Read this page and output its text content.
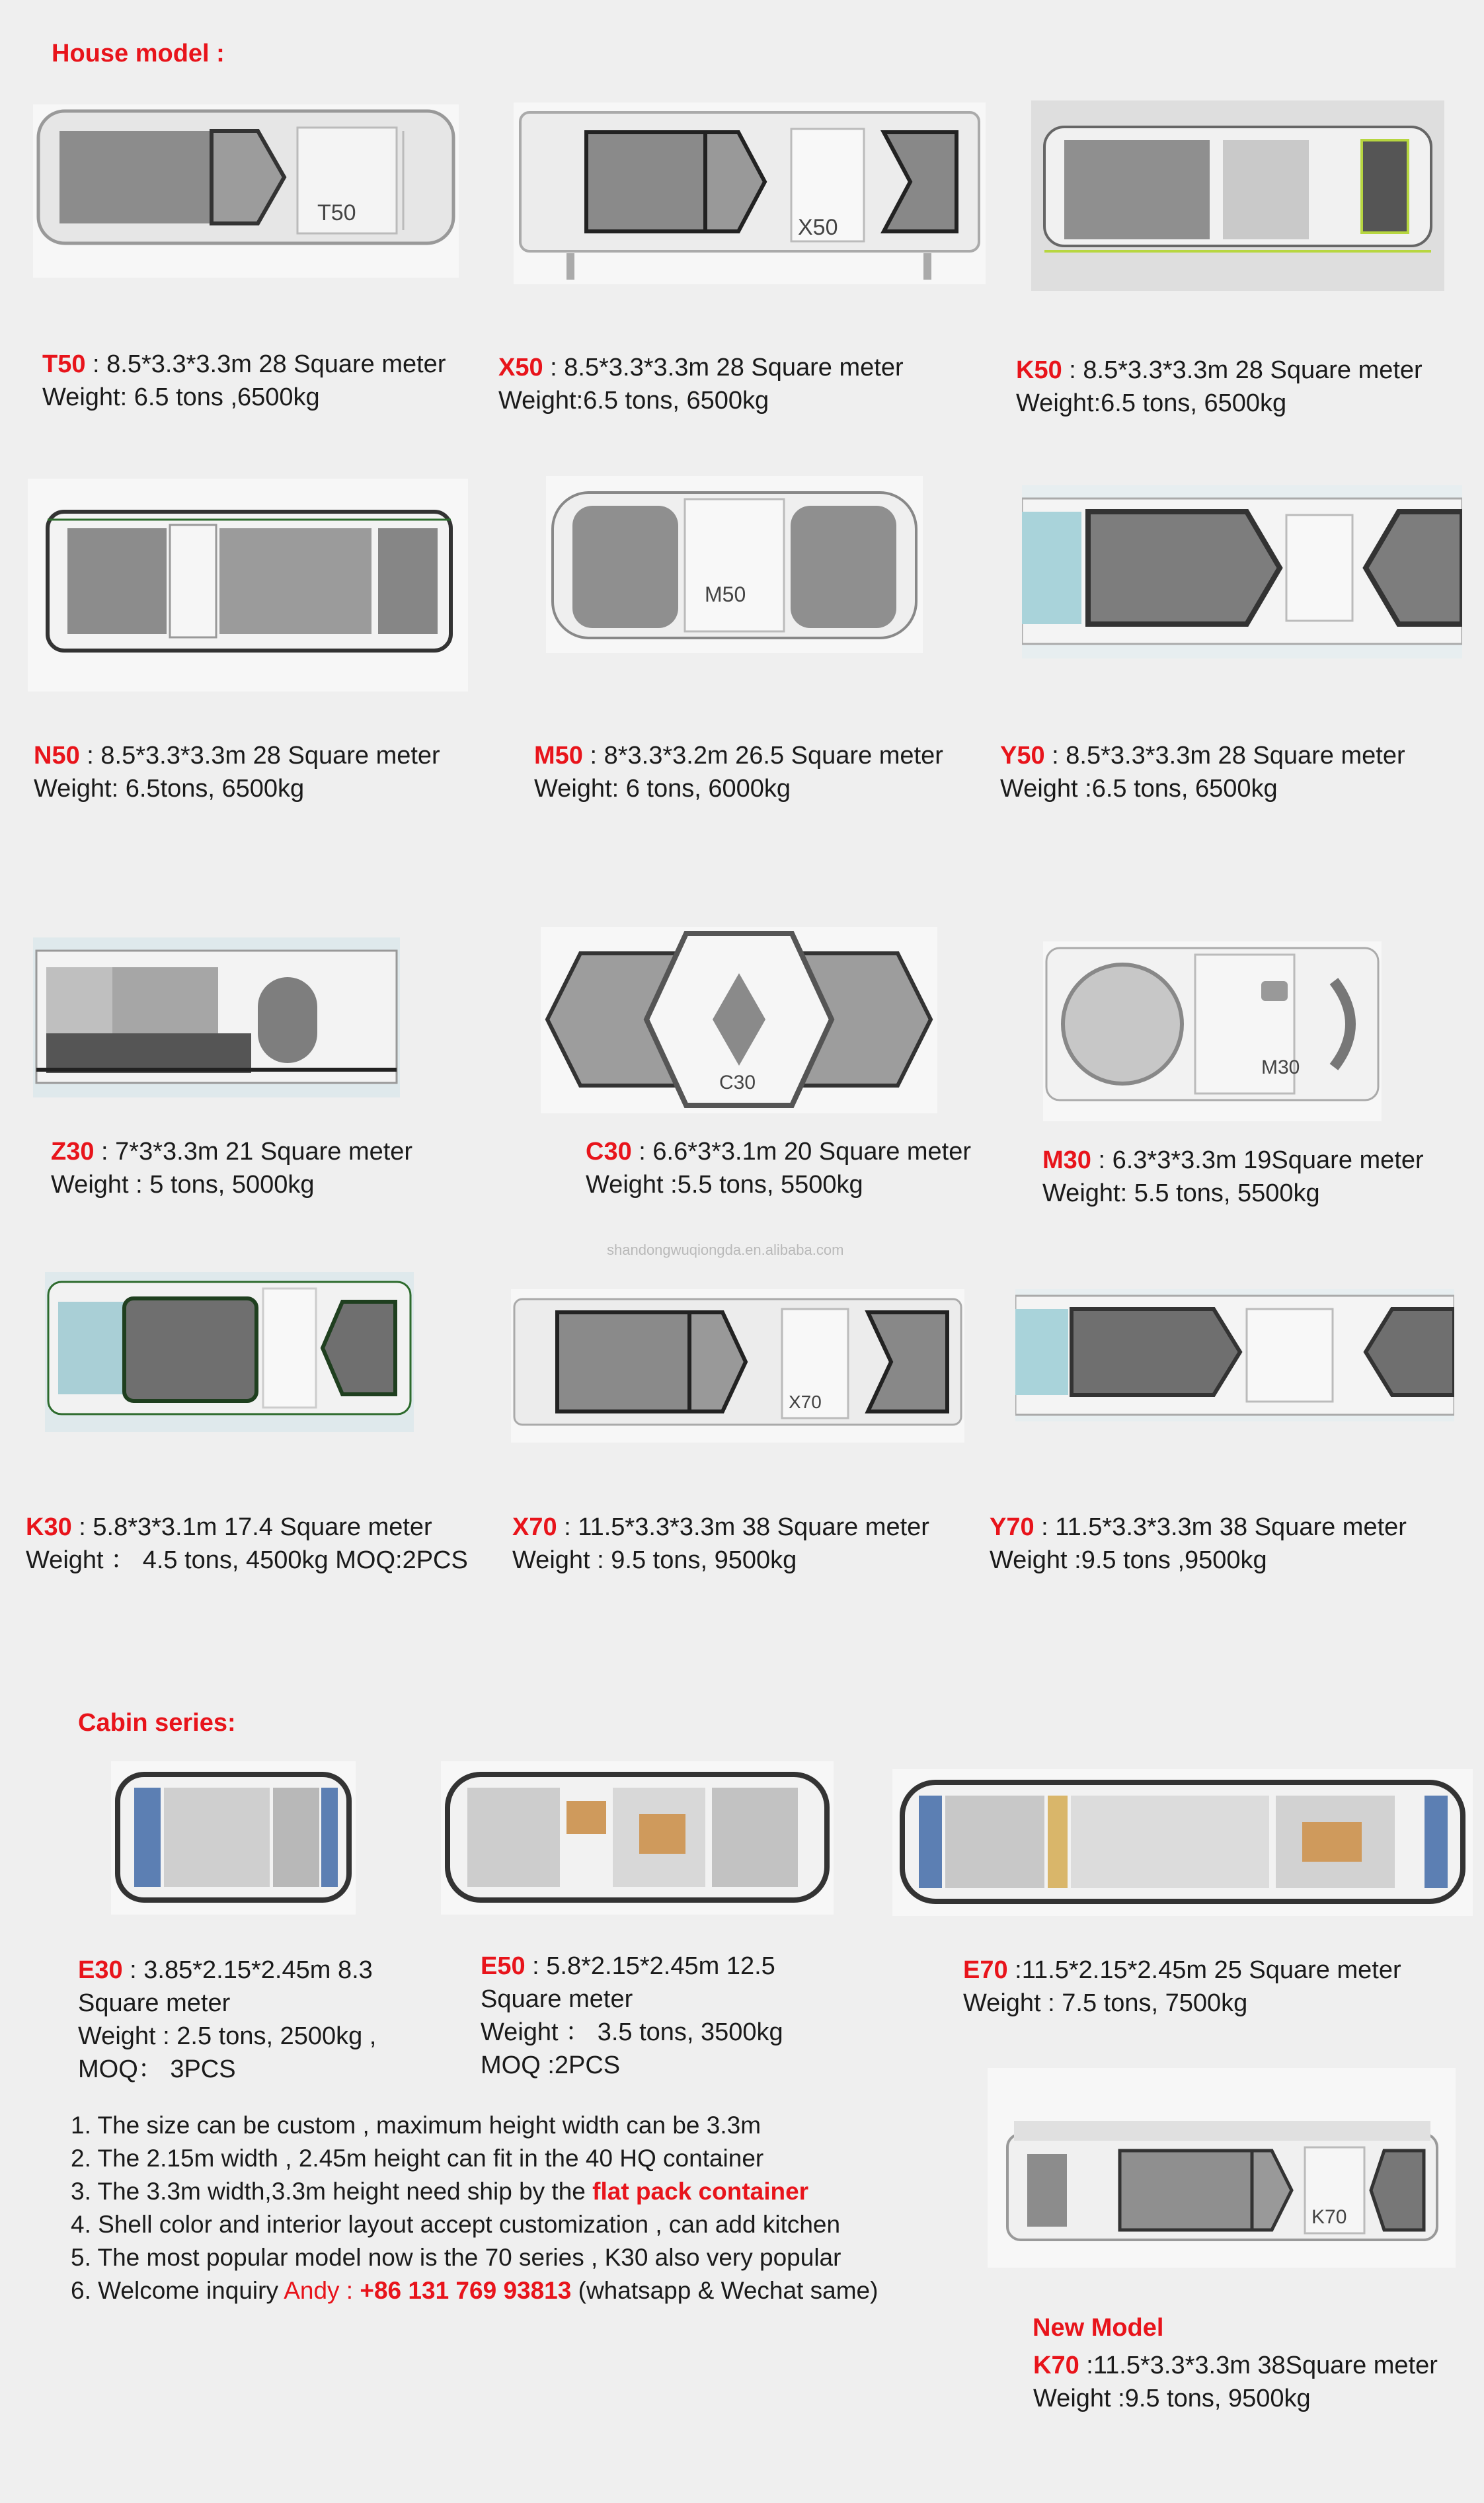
House model :
T50
X50
T50 : 8.5*3.3*3.3m 28 Square meter
Weight: 6.5 tons ,6500kg
X50 : 8.5*3.3*3.3m 28 Square meter
Weight:6.5 tons, 6500kg
K50 : 8.5*3.3*3.3m 28 Square meter
Weight:6.5 tons, 6500kg
M50
N50 : 8.5*3.3*3.3m 28 Square meter
Weight: 6.5tons, 6500kg
M50 : 8*3.3*3.2m 26.5 Square meter
Weight: 6 tons, 6000kg
Y50 : 8.5*3.3*3.3m 28 Square meter
Weight :6.5 tons, 6500kg
C30
M30
Z30 : 7*3*3.3m 21 Square meter
Weight : 5 tons, 5000kg
C30 : 6.6*3*3.1m 20 Square meter
Weight :5.5 tons, 5500kg
M30 : 6.3*3*3.3m 19Square meter
Weight: 5.5 tons, 5500kg
shandongwuqiongda.en.alibaba.com
X70
K30 : 5.8*3*3.1m 17.4 Square meter
Weight ： 4.5 tons, 4500kg MOQ:2PCS
X70 : 11.5*3.3*3.3m 38 Square meter
Weight : 9.5 tons, 9500kg
Y70 : 11.5*3.3*3.3m 38 Square meter
Weight :9.5 tons ,9500kg
Cabin series:
E30 : 3.85*2.15*2.45m 8.3 Square meter
Weight : 2.5 tons, 2500kg ,
MOQ： 3PCS
E50 : 5.8*2.15*2.45m 12.5 Square meter
Weight ： 3.5 tons, 3500kg
MOQ :2PCS
E70 :11.5*2.15*2.45m 25 Square meter
Weight : 7.5 tons, 7500kg
1. The size can be custom , maximum height width can be 3.3m
2. The 2.15m width , 2.45m height can fit in the 40 HQ container
3. The 3.3m width,3.3m height need ship by the flat pack container
4. Shell color and interior layout accept customization , can add kitchen
5. The most popular model now is the 70 series , K30 also very popular
6. Welcome inquiry Andy : +86 131 769 93813 (whatsapp & Wechat same)
K70
New Model
K70 :11.5*3.3*3.3m 38Square meter
Weight :9.5 tons, 9500kg
